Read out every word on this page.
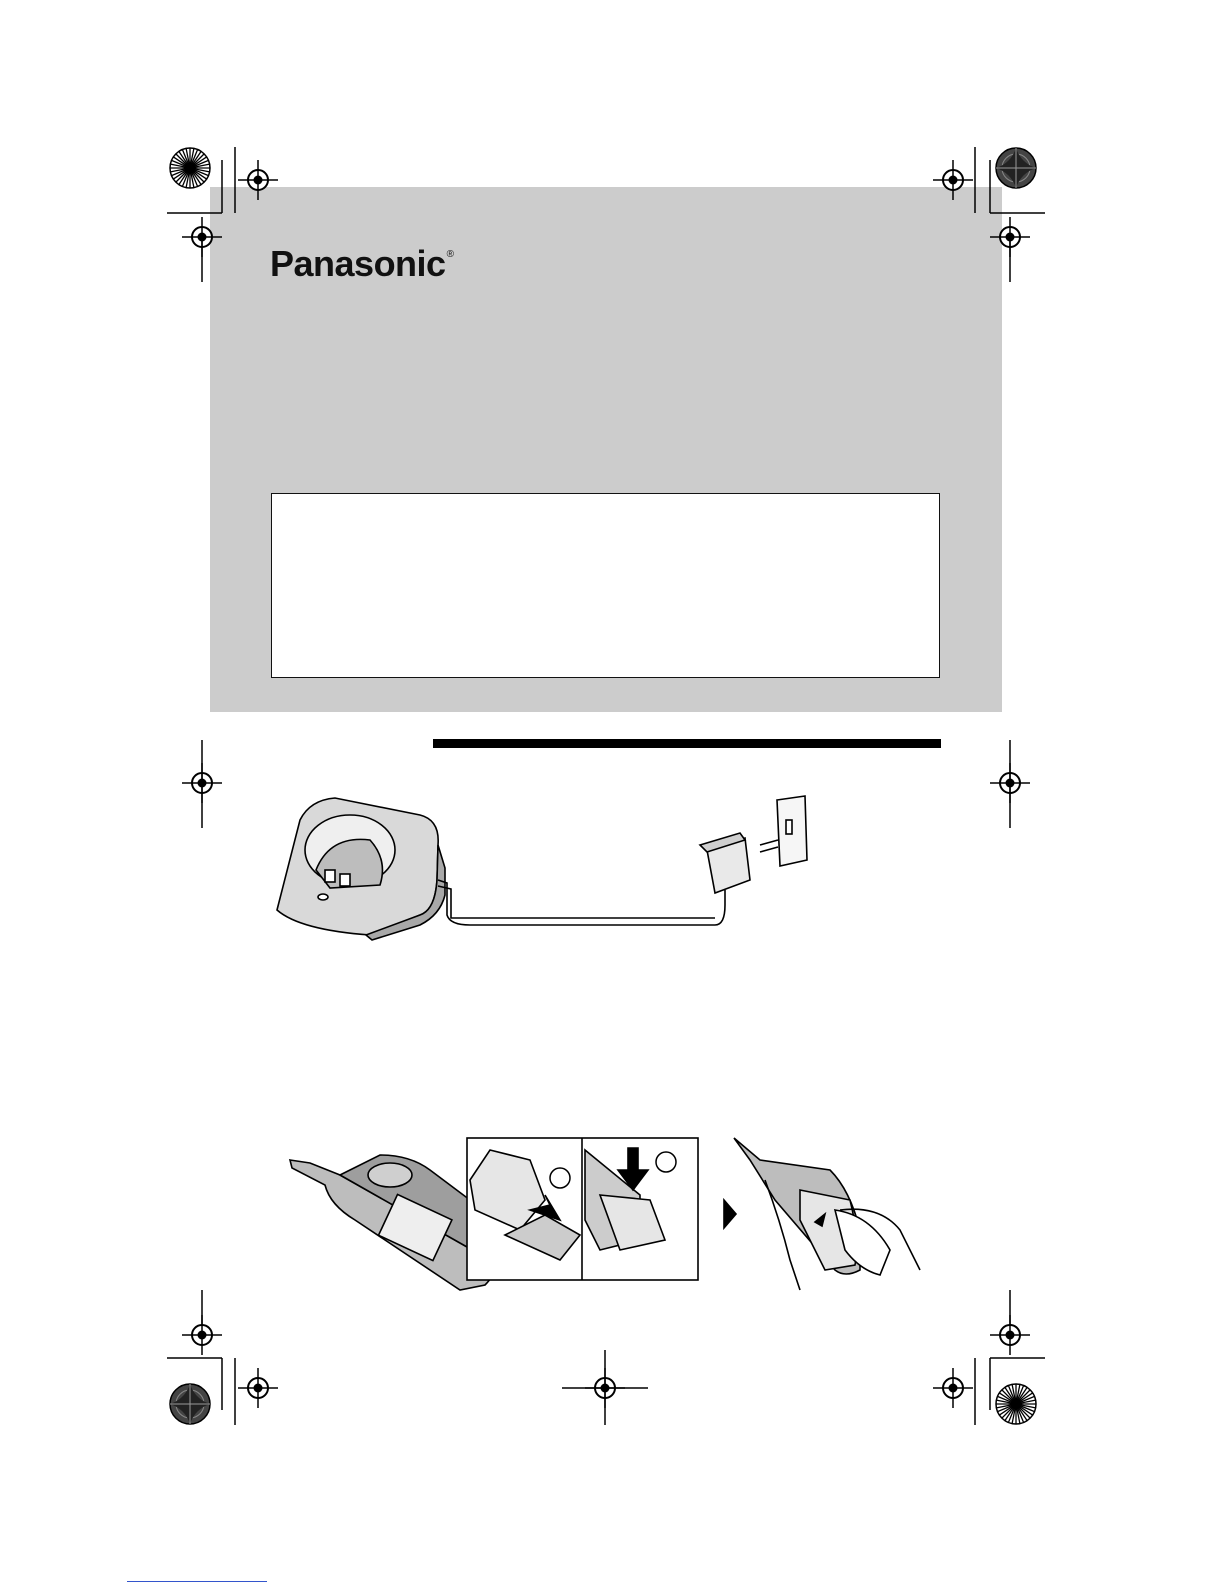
Panasonic®
